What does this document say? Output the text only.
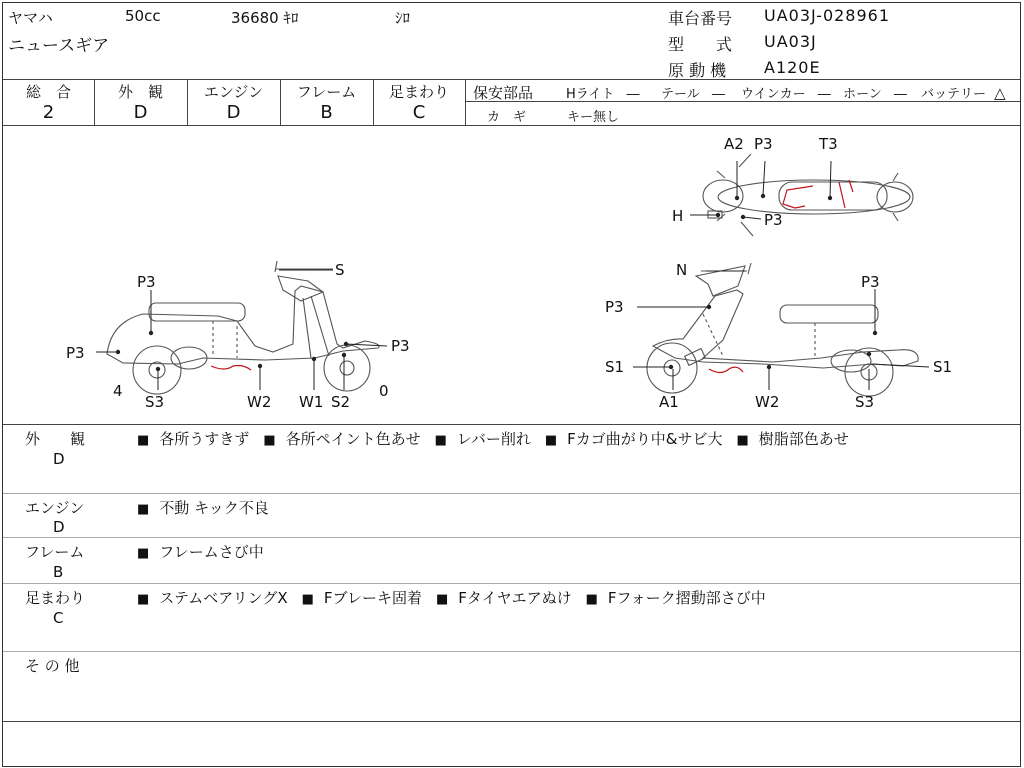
ヤマハ	50cc	36680 ｷﾛ	ｼﾛ
ニュースギア
車台番号 UA03J-028961
型　　式 UA03J
原 動 機 A120E
総　合
2
外　観
D
エンジン
D
フレーム
B
足まわり
C
保安部品	Hライト ― テール ― ウインカー ― ホーン ― バッテリー △
カ　ギ	キー無し
A2 P3	T3
H	P3
P3
S
P3
P3
4
S3	W2 W1 S2
0
N
P3
P3
S1	S1
A1	W2	S3
外　　観
D
■ 各所うすきず ■ 各所ペイント色あせ ■ レバー削れ ■ Fカゴ曲がり中&サビ大 ■ 樹脂部色あせ
エンジン
D
■ 不動 キック不良
フレーム
B
■ フレームさび中
足まわり
C
■ ステムベアリングX ■ Fブレーキ固着 ■ Fタイヤエアぬけ ■ Fフォーク摺動部さび中
そ の 他
